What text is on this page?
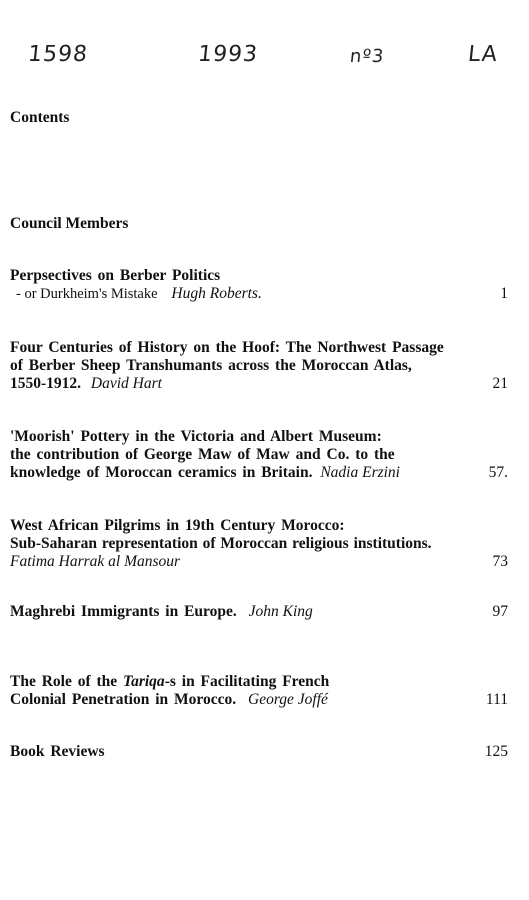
1598	1993	nº3	LA
Contents
Council Members
Perpsectives on Berber Politics
- or Durkheim's Mistake Hugh Roberts.	1
Four Centuries of History on the Hoof: The Northwest Passage
of Berber Sheep Transhumants across the Moroccan Atlas,
1550-1912. David Hart	21
'Moorish' Pottery in the Victoria and Albert Museum:
the contribution of George Maw of Maw and Co. to the
knowledge of Moroccan ceramics in Britain. Nadia Erzini	57.
West African Pilgrims in 19th Century Morocco:
Sub-Saharan representation of Moroccan religious institutions.
Fatima Harrak al Mansour	73
Maghrebi Immigrants in Europe. John King	97
The Role of the Tariqa-s in Facilitating French
Colonial Penetration in Morocco. George Joffé	111
Book Reviews	125
